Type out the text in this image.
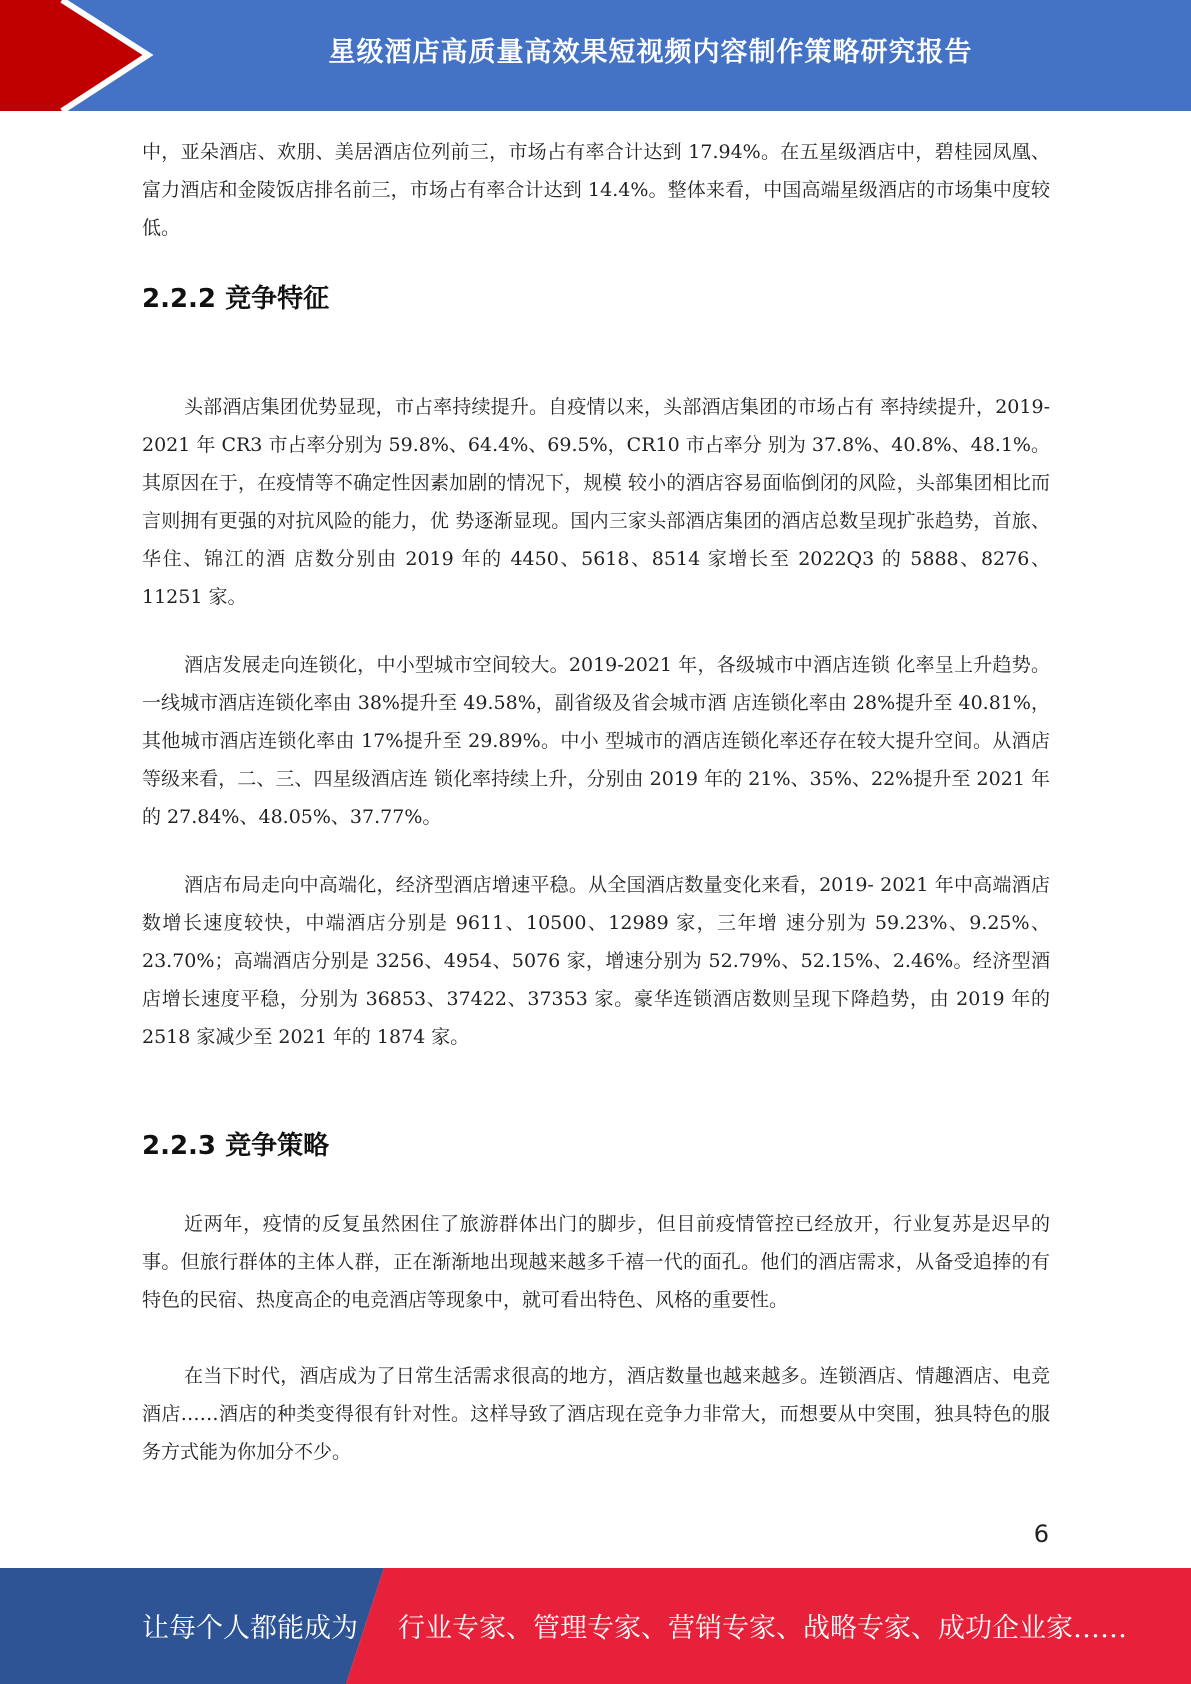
星级酒店高质量高效果短视频内容制作策略研究报告

中，亚朵酒店、欢朋、美居酒店位列前三，市场占有率合计达到 17.94%。在五星级酒店中，碧桂园凤凰、富力酒店和金陵饭店排名前三，市场占有率合计达到 14.4%。整体来看，中国高端星级酒店的市场集中度较低。

2.2.2 竞争特征

头部酒店集团优势显现，市占率持续提升。自疫情以来，头部酒店集团的市场占有 率持续提升，2019-2021 年 CR3 市占率分别为 59.8%、64.4%、69.5%，CR10 市占率分 别为 37.8%、40.8%、48.1%。其原因在于，在疫情等不确定性因素加剧的情况下，规模 较小的酒店容易面临倒闭的风险，头部集团相比而言则拥有更强的对抗风险的能力，优 势逐渐显现。国内三家头部酒店集团的酒店总数呈现扩张趋势，首旅、华住、锦江的酒 店数分别由 2019 年的 4450、5618、8514 家增长至 2022Q3 的 5888、8276、11251 家。

酒店发展走向连锁化，中小型城市空间较大。2019-2021 年，各级城市中酒店连锁 化率呈上升趋势。一线城市酒店连锁化率由 38%提升至 49.58%，副省级及省会城市酒 店连锁化率由 28%提升至 40.81%，其他城市酒店连锁化率由 17%提升至 29.89%。中小 型城市的酒店连锁化率还存在较大提升空间。从酒店等级来看，二、三、四星级酒店连 锁化率持续上升，分别由 2019 年的 21%、35%、22%提升至 2021 年的 27.84%、48.05%、37.77%。

酒店布局走向中高端化，经济型酒店增速平稳。从全国酒店数量变化来看，2019- 2021 年中高端酒店数增长速度较快，中端酒店分别是 9611、10500、12989 家，三年增 速分别为 59.23%、9.25%、23.70%；高端酒店分别是 3256、4954、5076 家，增速分别为 52.79%、52.15%、2.46%。经济型酒店增长速度平稳，分别为 36853、37422、37353 家。豪华连锁酒店数则呈现下降趋势，由 2019 年的 2518 家减少至 2021 年的 1874 家。

2.2.3 竞争策略

近两年，疫情的反复虽然困住了旅游群体出门的脚步，但目前疫情管控已经放开，行业复苏是迟早的事。但旅行群体的主体人群，正在渐渐地出现越来越多千禧一代的面孔。他们的酒店需求，从备受追捧的有特色的民宿、热度高企的电竞酒店等现象中，就可看出特色、风格的重要性。

在当下时代，酒店成为了日常生活需求很高的地方，酒店数量也越来越多。连锁酒店、情趣酒店、电竞酒店……酒店的种类变得很有针对性。这样导致了酒店现在竞争力非常大，而想要从中突围，独具特色的服务方式能为你加分不少。

6
让每个人都能成为 行业专家、管理专家、营销专家、战略专家、成功企业家……
